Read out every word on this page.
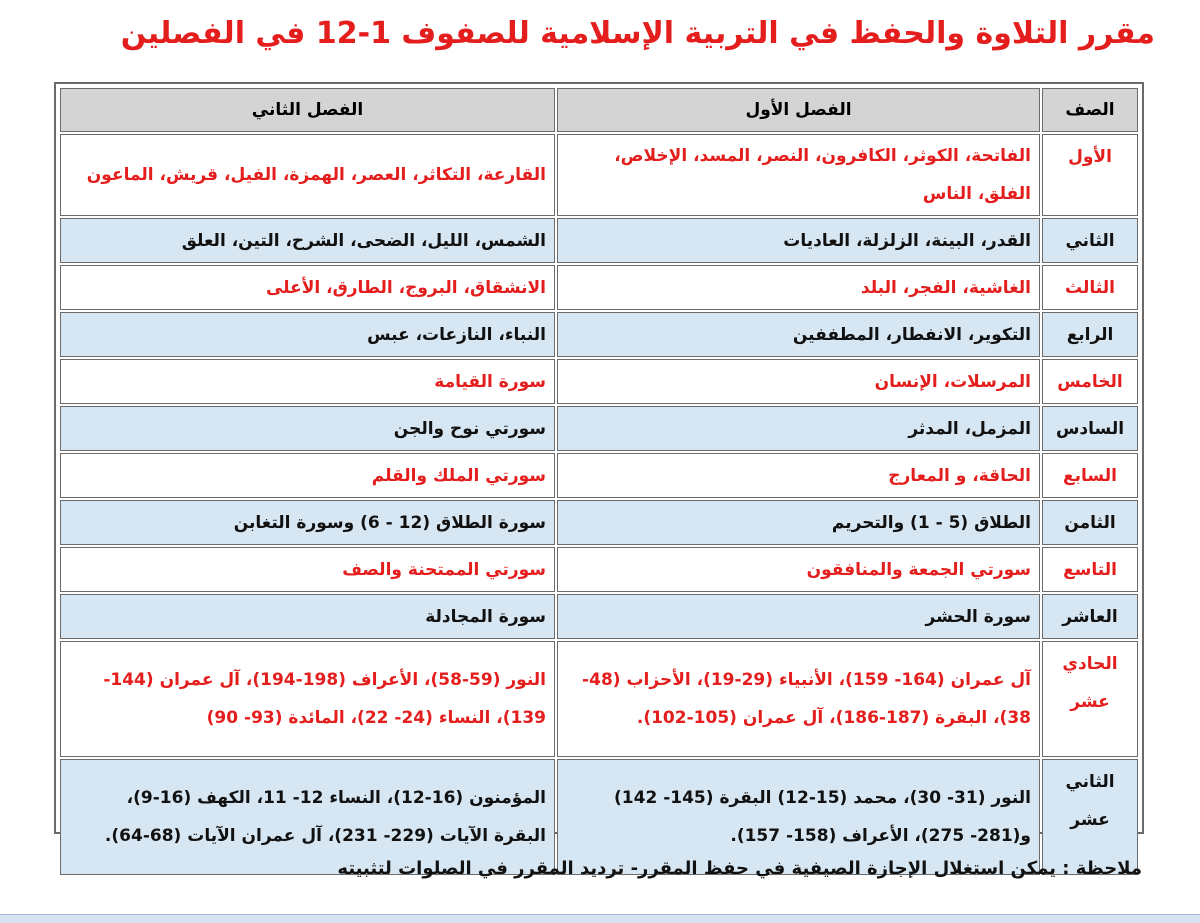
مقرر التلاوة والحفظ في التربية الإسلامية للصفوف 1-12 في الفصلين
الصف	الفصل الأول	الفصل الثاني
الأول	الفاتحة، الكوثر، الكافرون، النصر، المسد، الإخلاص، الفلق، الناس	القارعة، التكاثر، العصر، الهمزة، الفيل، قريش، الماعون
الثاني	القدر، البينة، الزلزلة، العاديات	الشمس، الليل، الضحى، الشرح، التين، العلق
الثالث	الغاشية، الفجر، البلد	الانشقاق، البروج، الطارق، الأعلى
الرابع	التكوير، الانفطار، المطففين	النباء، النازعات، عبس
الخامس	المرسلات، الإنسان	سورة القيامة
السادس	المزمل، المدثر	سورتي نوح والجن
السابع	الحاقة، و المعارج	سورتي الملك والقلم
الثامن	الطلاق (5 - 1) والتحريم	سورة الطلاق (12 - 6) وسورة التغابن
التاسع	سورتي الجمعة والمنافقون	سورتي الممتحنة والصف
العاشر	سورة الحشر	سورة المجادلة
الحادي عشر	آل عمران (164- 159)، الأنبياء (29-19)، الأحزاب (48-38)، البقرة (187-186)، آل عمران (105-102).	النور (59-58)، الأعراف (198-194)، آل عمران (144- 139)، النساء (24- 22)، المائدة (93- 90)
الثاني عشر	النور (31- 30)، محمد (15-12) البقرة (145- 142) و(281- 275)، الأعراف (158- 157).	المؤمنون (16-12)، النساء 12- 11، الكهف (16-9)، البقرة الآيات (229- 231)، آل عمران الآيات (68-64).
ملاحظة : يمكن استغلال الإجازة الصيفية في حفظ المقرر- ترديد المقرر في الصلوات لتثبيته
